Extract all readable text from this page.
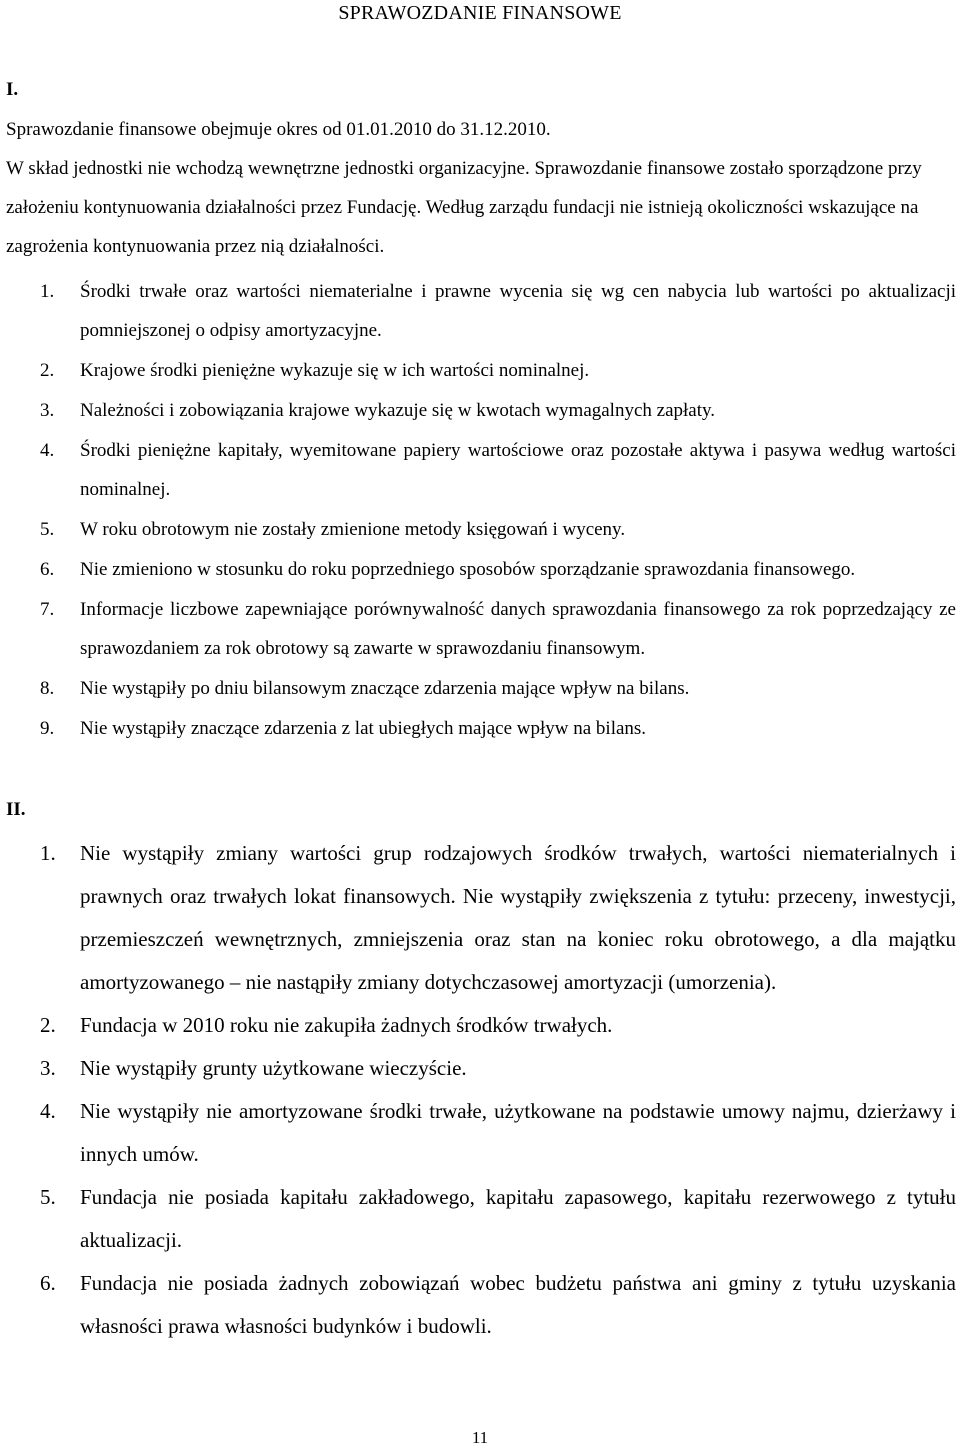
SPRAWOZDANIE FINANSOWE
I.

Sprawozdanie finansowe obejmuje okres od 01.01.2010 do 31.12.2010.

W skład jednostki nie wchodzą wewnętrzne jednostki organizacyjne. Sprawozdanie finansowe zostało sporządzone przy założeniu kontynuowania działalności przez Fundację. Według zarządu fundacji nie istnieją okoliczności wskazujące na zagrożenia kontynuowania przez nią działalności.

1. Środki trwałe oraz wartości niematerialne i prawne wycenia się wg cen nabycia lub wartości po aktualizacji pomniejszonej o odpisy amortyzacyjne.
2. Krajowe środki pieniężne wykazuje się w ich wartości nominalnej.
3. Należności i zobowiązania krajowe wykazuje się w kwotach wymagalnych zapłaty.
4. Środki pieniężne kapitały, wyemitowane papiery wartościowe oraz pozostałe aktywa i pasywa według wartości nominalnej.
5. W roku obrotowym nie zostały zmienione metody księgowań i wyceny.
6. Nie zmieniono w stosunku do roku poprzedniego sposobów sporządzanie sprawozdania finansowego.
7. Informacje liczbowe zapewniające porównywalność danych sprawozdania finansowego za rok poprzedzający ze sprawozdaniem za rok obrotowy są zawarte w sprawozdaniu finansowym.
8. Nie wystąpiły po dniu bilansowym znaczące zdarzenia mające wpływ na bilans.
9. Nie wystąpiły znaczące zdarzenia z lat ubiegłych mające wpływ na bilans.
II.
1. Nie wystąpiły zmiany wartości grup rodzajowych środków trwałych, wartości niematerialnych i prawnych oraz trwałych lokat finansowych. Nie wystąpiły zwiększenia z tytułu: przeceny, inwestycji, przemieszczeń wewnętrznych, zmniejszenia oraz stan na koniec roku obrotowego, a dla majątku amortyzowanego – nie nastąpiły zmiany dotychczasowej amortyzacji (umorzenia).
2. Fundacja w 2010 roku nie zakupiła żadnych środków trwałych.
3. Nie wystąpiły grunty użytkowane wieczyście.
4. Nie wystąpiły nie amortyzowane środki trwałe, użytkowane na podstawie umowy najmu, dzierżawy i innych umów.
5. Fundacja nie posiada kapitału zakładowego, kapitału zapasowego, kapitału rezerwowego z tytułu aktualizacji.
6. Fundacja nie posiada żadnych zobowiązań wobec budżetu państwa ani gminy z tytułu uzyskania własności prawa własności budynków i budowli.
11
